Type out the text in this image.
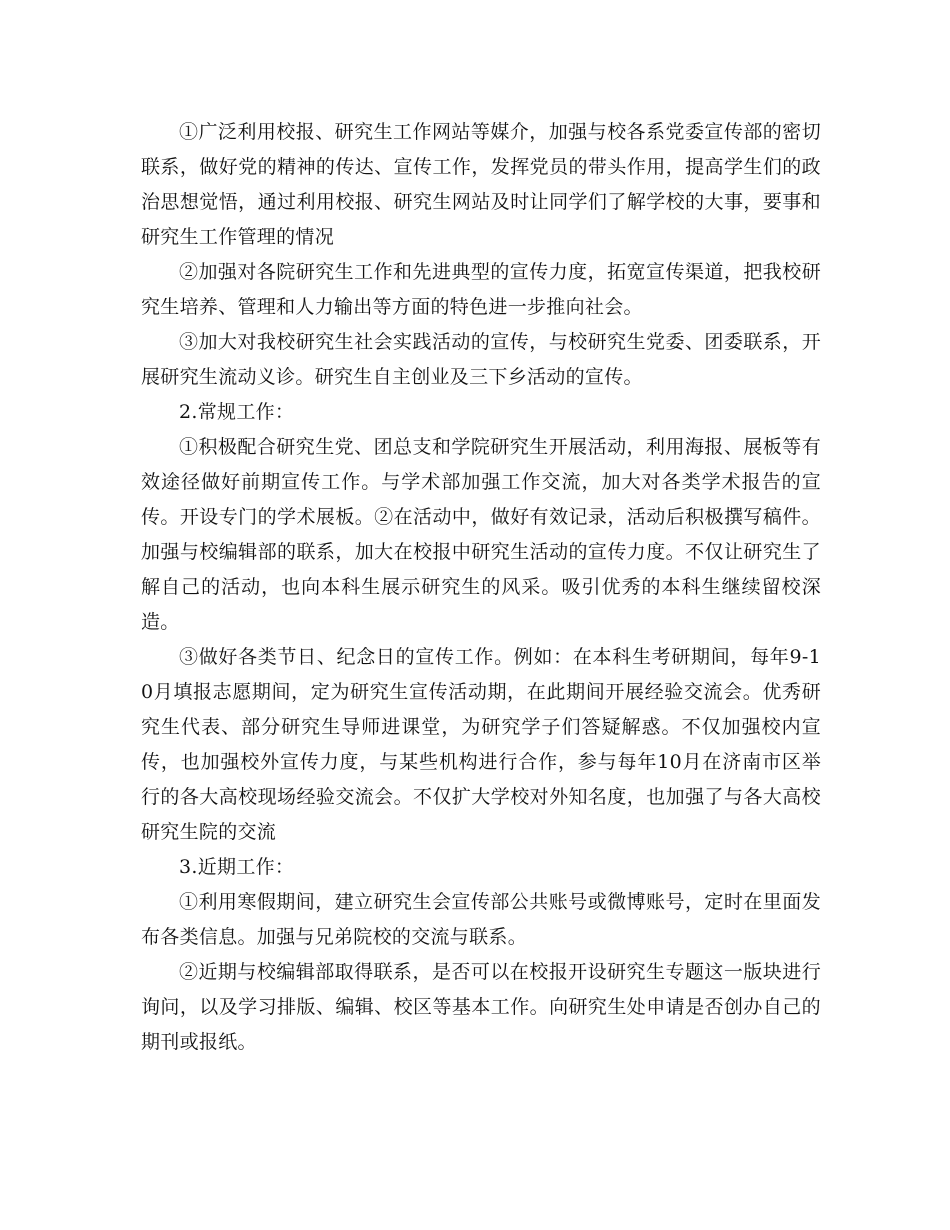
①广泛利用校报、研究生工作网站等媒介，加强与校各系党委宣传部的密切联系，做好党的精神的传达、宣传工作，发挥党员的带头作用，提高学生们的政治思想觉悟，通过利用校报、研究生网站及时让同学们了解学校的大事，要事和研究生工作管理的情况

②加强对各院研究生工作和先进典型的宣传力度，拓宽宣传渠道，把我校研究生培养、管理和人力输出等方面的特色进一步推向社会。

③加大对我校研究生社会实践活动的宣传，与校研究生党委、团委联系，开展研究生流动义诊。研究生自主创业及三下乡活动的宣传。

2.常规工作：

①积极配合研究生党、团总支和学院研究生开展活动，利用海报、展板等有效途径做好前期宣传工作。与学术部加强工作交流，加大对各类学术报告的宣传。开设专门的学术展板。②在活动中，做好有效记录，活动后积极撰写稿件。加强与校编辑部的联系，加大在校报中研究生活动的宣传力度。不仅让研究生了解自己的活动，也向本科生展示研究生的风采。吸引优秀的本科生继续留校深造。

③做好各类节日、纪念日的宣传工作。例如：在本科生考研期间，每年9-10月填报志愿期间，定为研究生宣传活动期，在此期间开展经验交流会。优秀研究生代表、部分研究生导师进课堂，为研究学子们答疑解惑。不仅加强校内宣传，也加强校外宣传力度，与某些机构进行合作，参与每年10月在济南市区举行的各大高校现场经验交流会。不仅扩大学校对外知名度，也加强了与各大高校研究生院的交流

3.近期工作：

①利用寒假期间，建立研究生会宣传部公共账号或微博账号，定时在里面发布各类信息。加强与兄弟院校的交流与联系。

②近期与校编辑部取得联系，是否可以在校报开设研究生专题这一版块进行询问，以及学习排版、编辑、校区等基本工作。向研究生处申请是否创办自己的期刊或报纸。
